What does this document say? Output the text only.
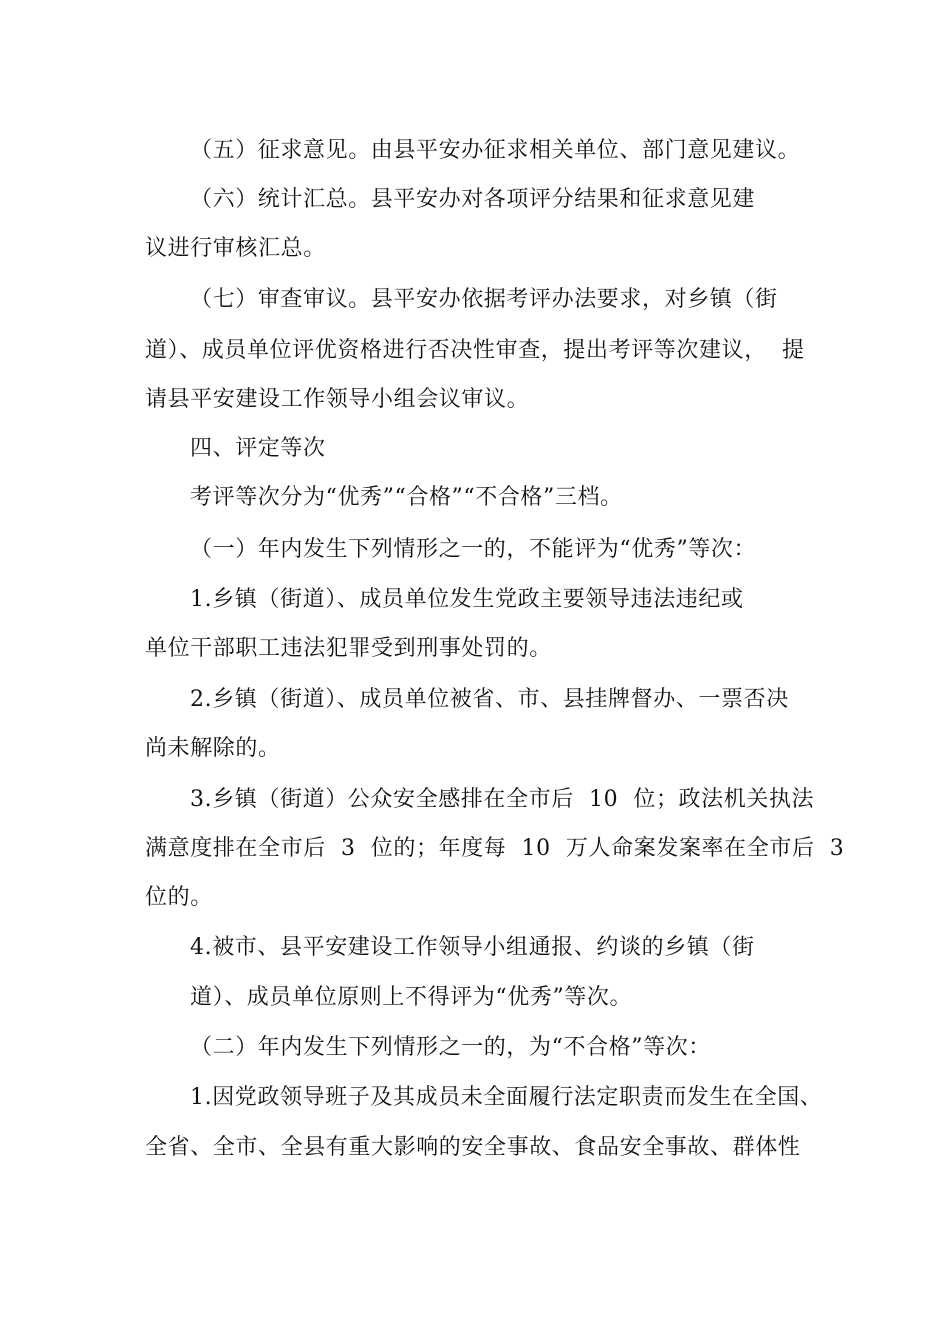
（五）征求意见。由县平安办征求相关单位、部门意见建议。
（六）统计汇总。县平安办对各项评分结果和征求意见建
议进行审核汇总。
（七）审查审议。县平安办依据考评办法要求，对乡镇（街
道）、成员单位评优资格进行否决性审查，提出考评等次建议，  提
请县平安建设工作领导小组会议审议。
四、评定等次
考评等次分为“优秀”“合格”“不合格”三档。
（一）年内发生下列情形之一的，不能评为“优秀”等次：
1.乡镇（街道）、成员单位发生党政主要领导违法违纪或
单位干部职工违法犯罪受到刑事处罚的。
2.乡镇（街道）、成员单位被省、市、县挂牌督办、一票否决
尚未解除的。
3.乡镇（街道）公众安全感排在全市后  10  位；政法机关执法
满意度排在全市后  3  位的；年度每  10  万人命案发案率在全市后  3
位的。
4.被市、县平安建设工作领导小组通报、约谈的乡镇（街
道）、成员单位原则上不得评为“优秀”等次。
（二）年内发生下列情形之一的，为“不合格”等次：
1.因党政领导班子及其成员未全面履行法定职责而发生在全国、
全省、全市、全县有重大影响的安全事故、食品安全事故、群体性
